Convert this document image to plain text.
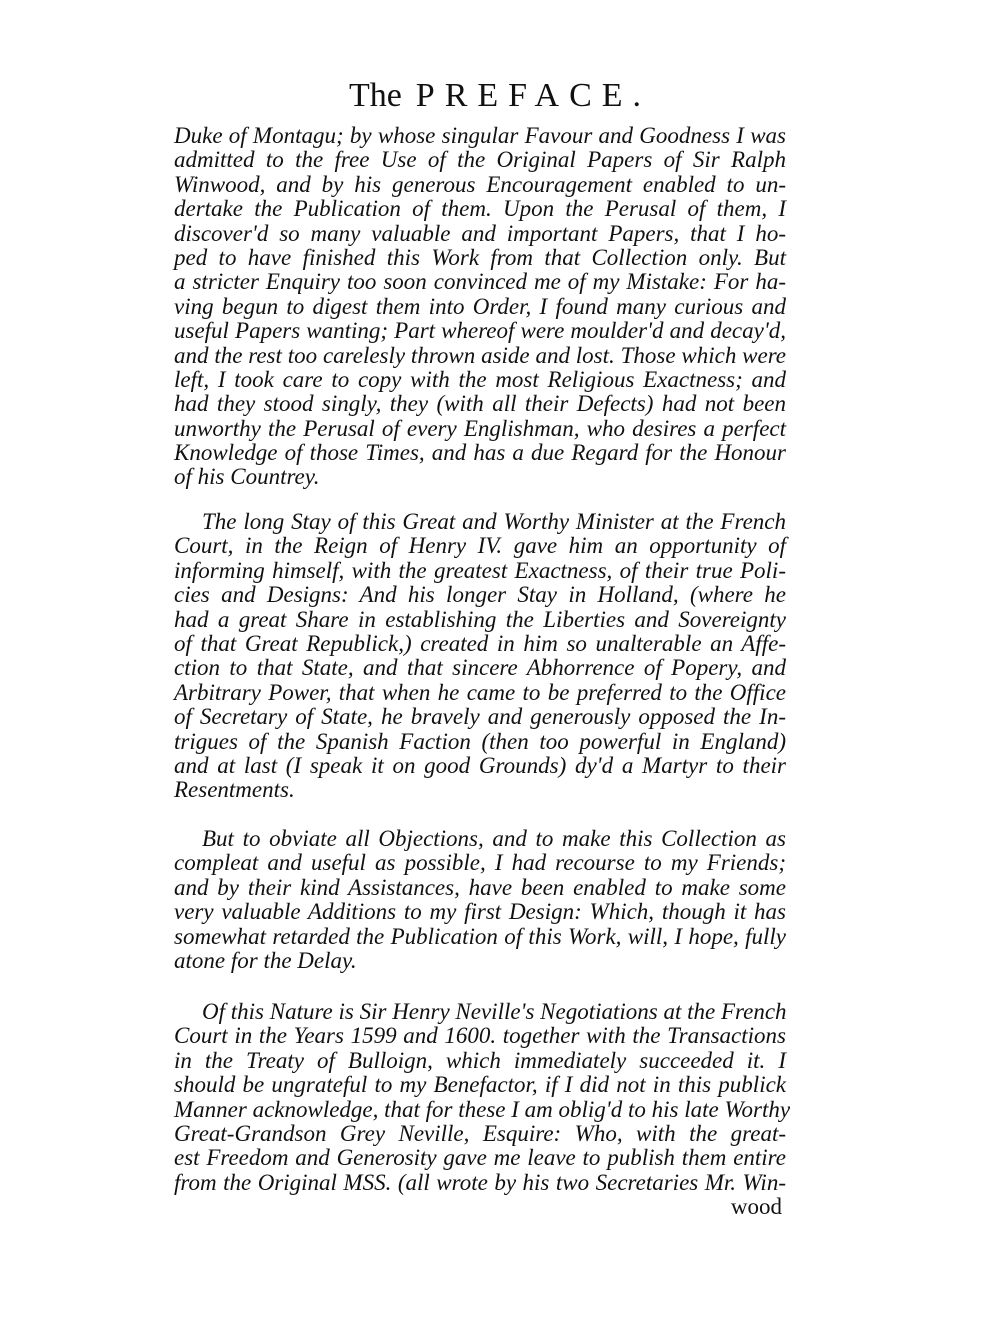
The PREFACE.
Duke of Montagu; by whose singular Favour and Goodness I was
admitted to the free Use of the Original Papers of Sir Ralph
Winwood, and by his generous Encouragement enabled to un-
dertake the Publication of them. Upon the Perusal of them, I
discover'd so many valuable and important Papers, that I ho-
ped to have finished this Work from that Collection only. But
a stricter Enquiry too soon convinced me of my Mistake: For ha-
ving begun to digest them into Order, I found many curious and
useful Papers wanting; Part whereof were moulder'd and decay'd,
and the rest too carelesly thrown aside and lost. Those which were
left, I took care to copy with the most Religious Exactness; and
had they stood singly, they (with all their Defects) had not been
unworthy the Perusal of every Englishman, who desires a perfect
Knowledge of those Times, and has a due Regard for the Honour
of his Countrey.
The long Stay of this Great and Worthy Minister at the French
Court, in the Reign of Henry IV. gave him an opportunity of
informing himself, with the greatest Exactness, of their true Poli-
cies and Designs: And his longer Stay in Holland, (where he
had a great Share in establishing the Liberties and Sovereignty
of that Great Republick,) created in him so unalterable an Affe-
ction to that State, and that sincere Abhorrence of Popery, and
Arbitrary Power, that when he came to be preferred to the Office
of Secretary of State, he bravely and generously opposed the In-
trigues of the Spanish Faction (then too powerful in England)
and at last (I speak it on good Grounds) dy'd a Martyr to their
Resentments.
But to obviate all Objections, and to make this Collection as
compleat and useful as possible, I had recourse to my Friends;
and by their kind Assistances, have been enabled to make some
very valuable Additions to my first Design: Which, though it has
somewhat retarded the Publication of this Work, will, I hope, fully
atone for the Delay.
Of this Nature is Sir Henry Neville's Negotiations at the French
Court in the Years 1599 and 1600. together with the Transactions
in the Treaty of Bulloign, which immediately succeeded it. I
should be ungrateful to my Benefactor, if I did not in this publick
Manner acknowledge, that for these I am oblig'd to his late Worthy
Great-Grandson Grey Neville, Esquire: Who, with the great-
est Freedom and Generosity gave me leave to publish them entire
from the Original MSS. (all wrote by his two Secretaries Mr. Win-
wood
